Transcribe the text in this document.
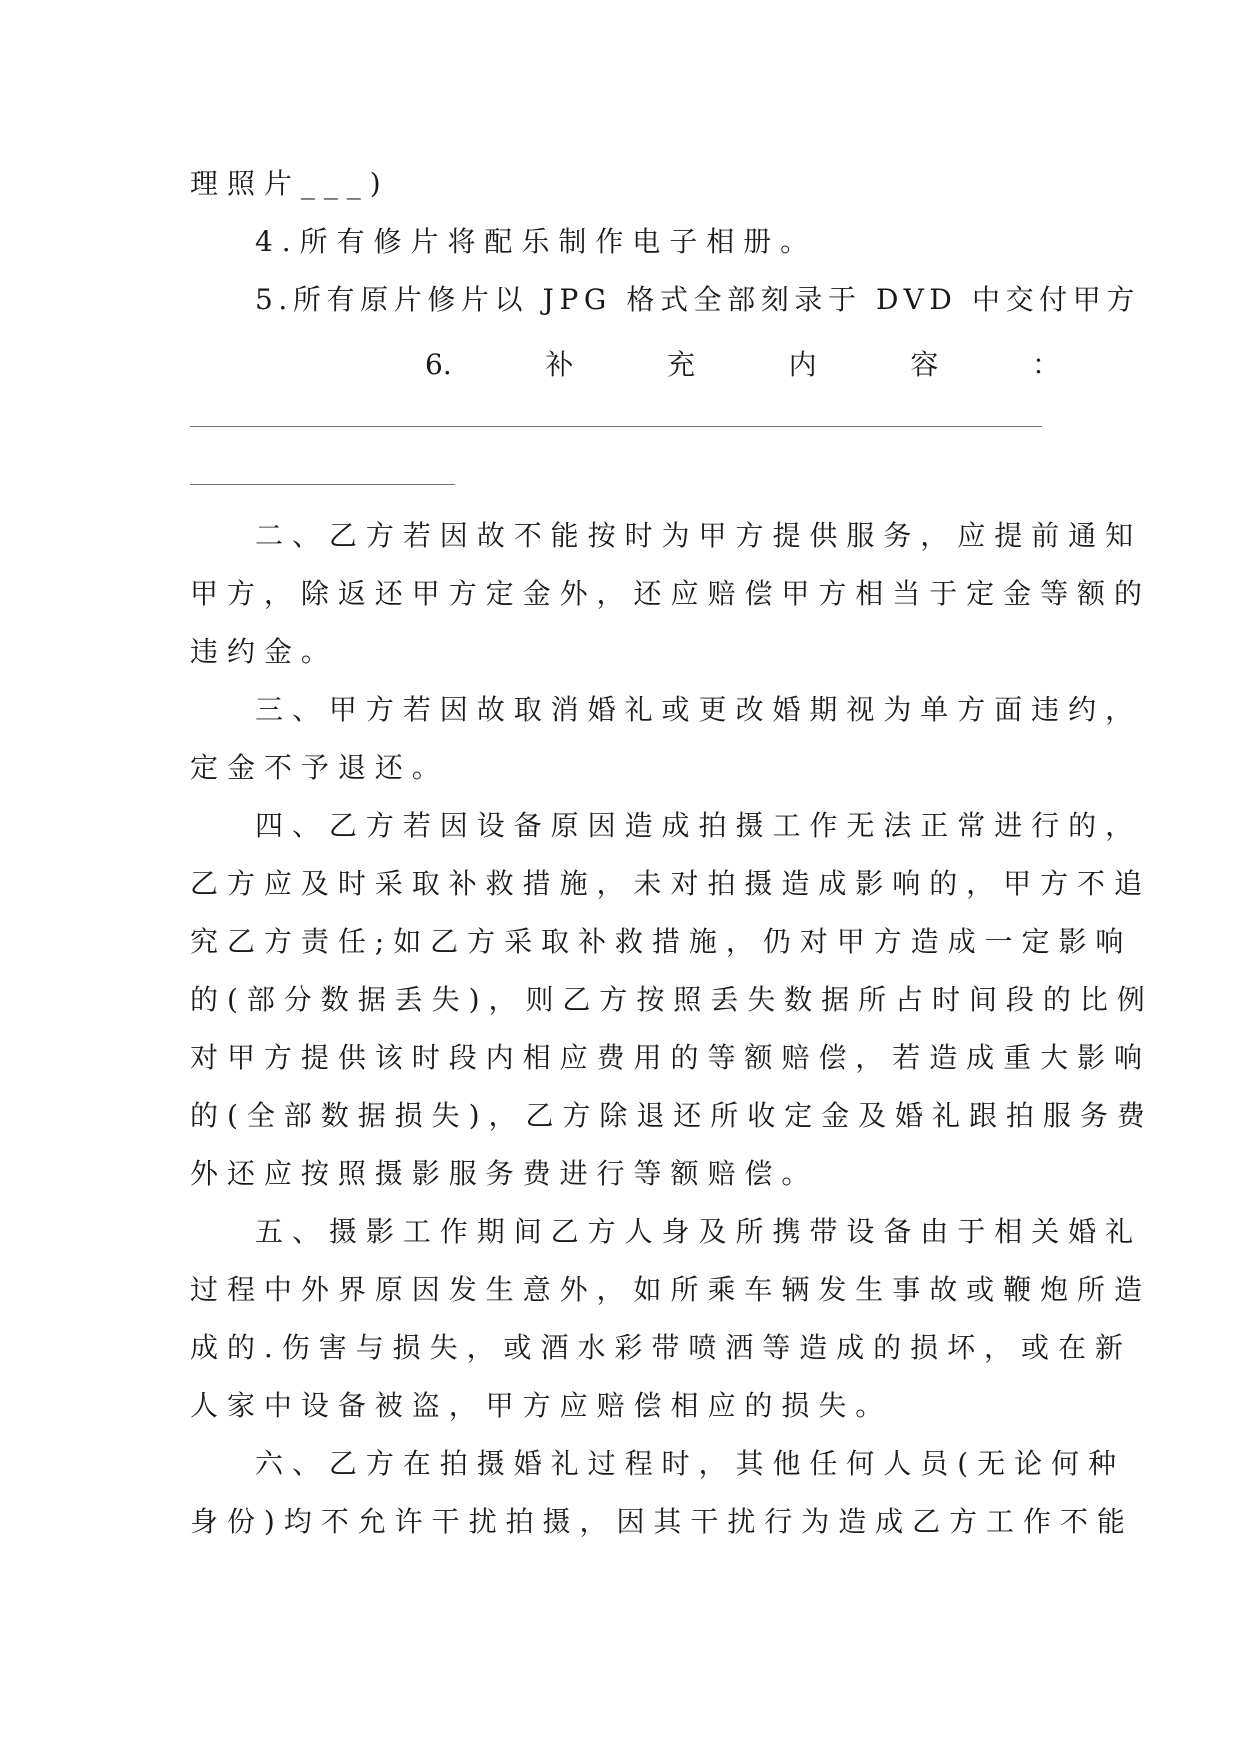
理照片___)
4.所有修片将配乐制作电子相册。
5.所有原片修片以 JPG 格式全部刻录于 DVD 中交付甲方
6.	补	充	内	容	：
二、乙方若因故不能按时为甲方提供服务，应提前通知
甲方，除返还甲方定金外，还应赔偿甲方相当于定金等额的
违约金。
三、甲方若因故取消婚礼或更改婚期视为单方面违约，
定金不予退还。
四、乙方若因设备原因造成拍摄工作无法正常进行的，
乙方应及时采取补救措施，未对拍摄造成影响的，甲方不追
究乙方责任;如乙方采取补救措施，仍对甲方造成一定影响
的(部分数据丢失)，则乙方按照丢失数据所占时间段的比例
对甲方提供该时段内相应费用的等额赔偿，若造成重大影响
的(全部数据损失)，乙方除退还所收定金及婚礼跟拍服务费
外还应按照摄影服务费进行等额赔偿。
五、摄影工作期间乙方人身及所携带设备由于相关婚礼
过程中外界原因发生意外，如所乘车辆发生事故或鞭炮所造
成的.伤害与损失，或酒水彩带喷洒等造成的损坏，或在新
人家中设备被盗，甲方应赔偿相应的损失。
六、乙方在拍摄婚礼过程时，其他任何人员(无论何种
身份)均不允许干扰拍摄，因其干扰行为造成乙方工作不能
